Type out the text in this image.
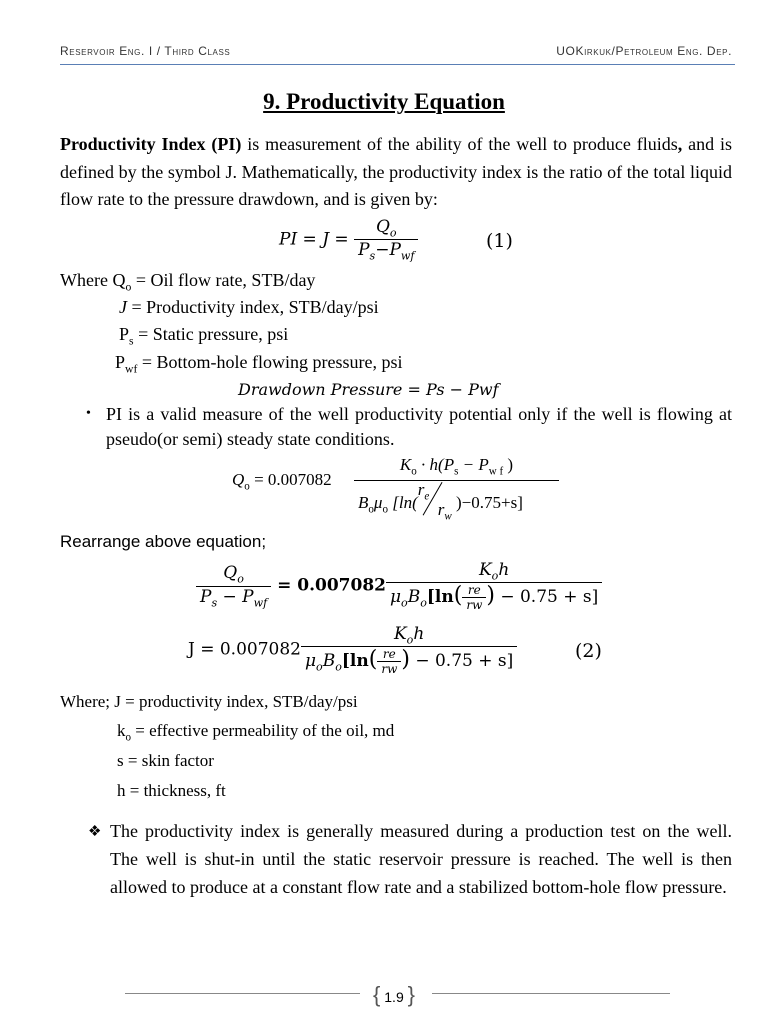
Reservoir Eng. I / Third Class	UOKirkuk/Petroleum Eng. Dep.
9. Productivity Equation
Productivity Index (PI) is measurement of the ability of the well to produce fluids, and is defined by the symbol J. Mathematically, the productivity index is the ratio of the total liquid flow rate to the pressure drawdown, and is given by:
PI = $J = \frac{Q_o}{P_s-P_{wf}}$	(1)
Where $Q_o$ = Oil flow rate, STB/day
J = Productivity index, STB/day/psi
$P_s$ = Static pressure, psi
$P_{wf}$ = Bottom-hole flowing pressure, psi
Drawdown Pressure = Ps − Pwf
• PI is a valid measure of the well productivity potential only if the well is flowing at pseudo(or semi) steady state conditions.
$Q_o = 0.007082$
$K_o \cdot h(P_s - P_{w f}$ )
$B_o\mu_o$ [ln(
$r_e$
$r_w$
)−0.75+s]
Rearrange above equation;
$\frac{Q_o}{P_s - P_{wf}} = 0.007082 \frac{K_oh}{\mu_oB_o[\ln( \frac{re}{rw} ) - 0.75 + s]}$
$J = 0.007082 \frac{K_oh}{\mu_oB_o[\ln( \frac{re}{rw} ) - 0.75 + s]}$	(2)
Where; J = productivity index, STB/day/psi
$k_o$ = effective permeability of the oil, md
s = skin factor
h = thickness, ft
❖ The productivity index is generally measured during a production test on the well. The well is shut-in until the static reservoir pressure is reached. The well is then allowed to produce at a constant flow rate and a stabilized bottom-hole flow pressure.
{ 1.9 }
